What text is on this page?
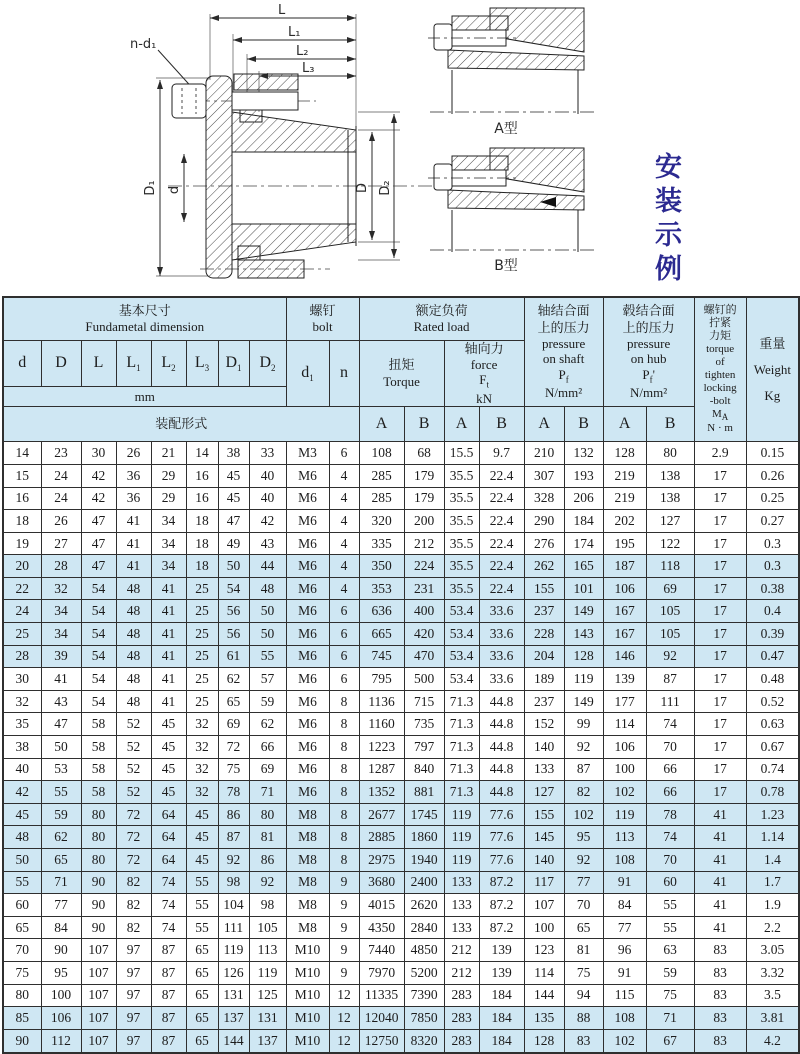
L
L₁
L₂
L₃
n-d₁
D₁ d	D D₂
A型
B型	安装示例
基本尺寸
Fundametal dimension

螺钉
bolt

额定负荷
Rated load

轴结合面
上的压力
pressure
on shaft
$P_f$
N/mm²

毂结合面
上的压力
pressure
on hub
$P_f'$
N/mm²

螺钉的
拧紧
力矩
torque
of
tighten
locking
-bolt
$M_A$
N · m

重量
Weight
Kg

d	D	L	$L_1$	$L_2$	$L_3$	$D_1$	$D_2$	$d_1$	n	扭矩
Torque		轴向力
force
$F_t$
kN							

mm																			

装配形式										A	B	A	B	A	B	A	B		
14	23	30	26	21	14	38	33	M3	6	108	68	15.5	9.7	210	132	128	80	2.9	0.15
15	24	42	36	29	16	45	40	M6	4	285	179	35.5	22.4	307	193	219	138	17	0.26
16	24	42	36	29	16	45	40	M6	4	285	179	35.5	22.4	328	206	219	138	17	0.25
18	26	47	41	34	18	47	42	M6	4	320	200	35.5	22.4	290	184	202	127	17	0.27
19	27	47	41	34	18	49	43	M6	4	335	212	35.5	22.4	276	174	195	122	17	0.3
20	28	47	41	34	18	50	44	M6	4	350	224	35.5	22.4	262	165	187	118	17	0.3
22	32	54	48	41	25	54	48	M6	4	353	231	35.5	22.4	155	101	106	69	17	0.38
24	34	54	48	41	25	56	50	M6	6	636	400	53.4	33.6	237	149	167	105	17	0.4
25	34	54	48	41	25	56	50	M6	6	665	420	53.4	33.6	228	143	167	105	17	0.39
28	39	54	48	41	25	61	55	M6	6	745	470	53.4	33.6	204	128	146	92	17	0.47
30	41	54	48	41	25	62	57	M6	6	795	500	53.4	33.6	189	119	139	87	17	0.48
32	43	54	48	41	25	65	59	M6	8	1136	715	71.3	44.8	237	149	177	111	17	0.52
35	47	58	52	45	32	69	62	M6	8	1160	735	71.3	44.8	152	99	114	74	17	0.63
38	50	58	52	45	32	72	66	M6	8	1223	797	71.3	44.8	140	92	106	70	17	0.67
40	53	58	52	45	32	75	69	M6	8	1287	840	71.3	44.8	133	87	100	66	17	0.74
42	55	58	52	45	32	78	71	M6	8	1352	881	71.3	44.8	127	82	102	66	17	0.78
45	59	80	72	64	45	86	80	M8	8	2677	1745	119	77.6	155	102	119	78	41	1.23
48	62	80	72	64	45	87	81	M8	8	2885	1860	119	77.6	145	95	113	74	41	1.14
50	65	80	72	64	45	92	86	M8	8	2975	1940	119	77.6	140	92	108	70	41	1.4
55	71	90	82	74	55	98	92	M8	9	3680	2400	133	87.2	117	77	91	60	41	1.7
60	77	90	82	74	55	104	98	M8	9	4015	2620	133	87.2	107	70	84	55	41	1.9
65	84	90	82	74	55	111	105	M8	9	4350	2840	133	87.2	100	65	77	55	41	2.2
70	90	107	97	87	65	119	113	M10	9	7440	4850	212	139	123	81	96	63	83	3.05
75	95	107	97	87	65	126	119	M10	9	7970	5200	212	139	114	75	91	59	83	3.32
80	100	107	97	87	65	131	125	M10	12	11335	7390	283	184	144	94	115	75	83	3.5
85	106	107	97	87	65	137	131	M10	12	12040	7850	283	184	135	88	108	71	83	3.81
90	112	107	97	87	65	144	137	M10	12	12750	8320	283	184	128	83	102	67	83	4.2
